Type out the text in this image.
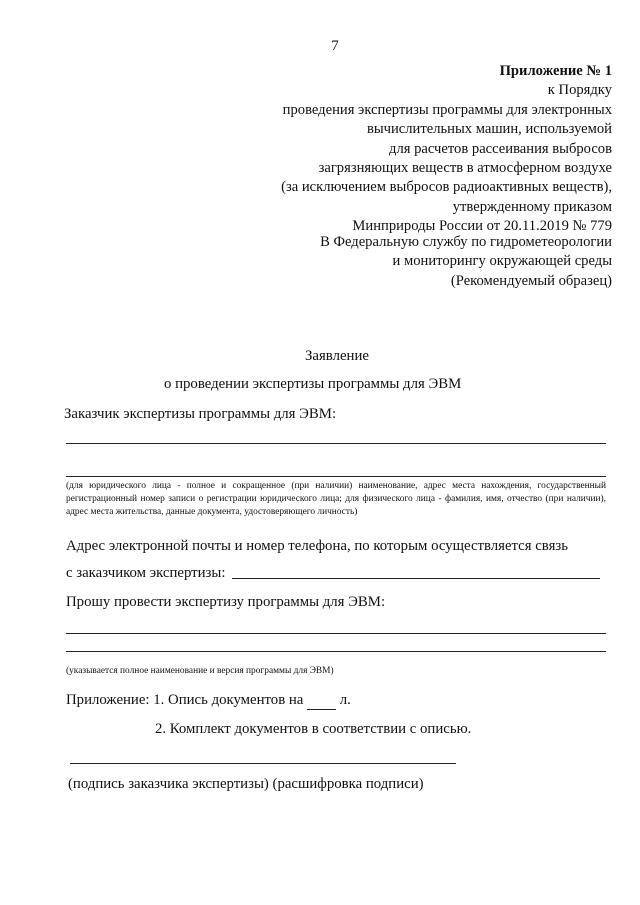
7
Приложение № 1
к Порядку
проведения экспертизы программы для электронных
вычислительных машин, используемой
для расчетов рассеивания выбросов
загрязняющих веществ в атмосферном воздухе
(за исключением выбросов радиоактивных веществ),
утвержденному приказом
Минприроды России от 20.11.2019 № 779
В Федеральную службу по гидрометеорологии
и мониторингу окружающей среды
(Рекомендуемый образец)
Заявление
о проведении экспертизы программы для ЭВМ
Заказчик экспертизы программы для ЭВМ:
(для юридического лица - полное и сокращенное (при наличии) наименование, адрес места нахождения, государственный регистрационный номер записи о регистрации юридического лица; для физического лица - фамилия, имя, отчество (при наличии), адрес места жительства, данные документа, удостоверяющего личность)
Адрес электронной почты и номер телефона, по которым осуществляется связь
с заказчиком экспертизы:
Прошу провести экспертизу программы для ЭВМ:
(указывается полное наименование и версия программы для ЭВМ)
Приложение: 1. Опись документов на л.
2. Комплект документов в соответствии с описью.
(подпись заказчика экспертизы) (расшифровка подписи)
